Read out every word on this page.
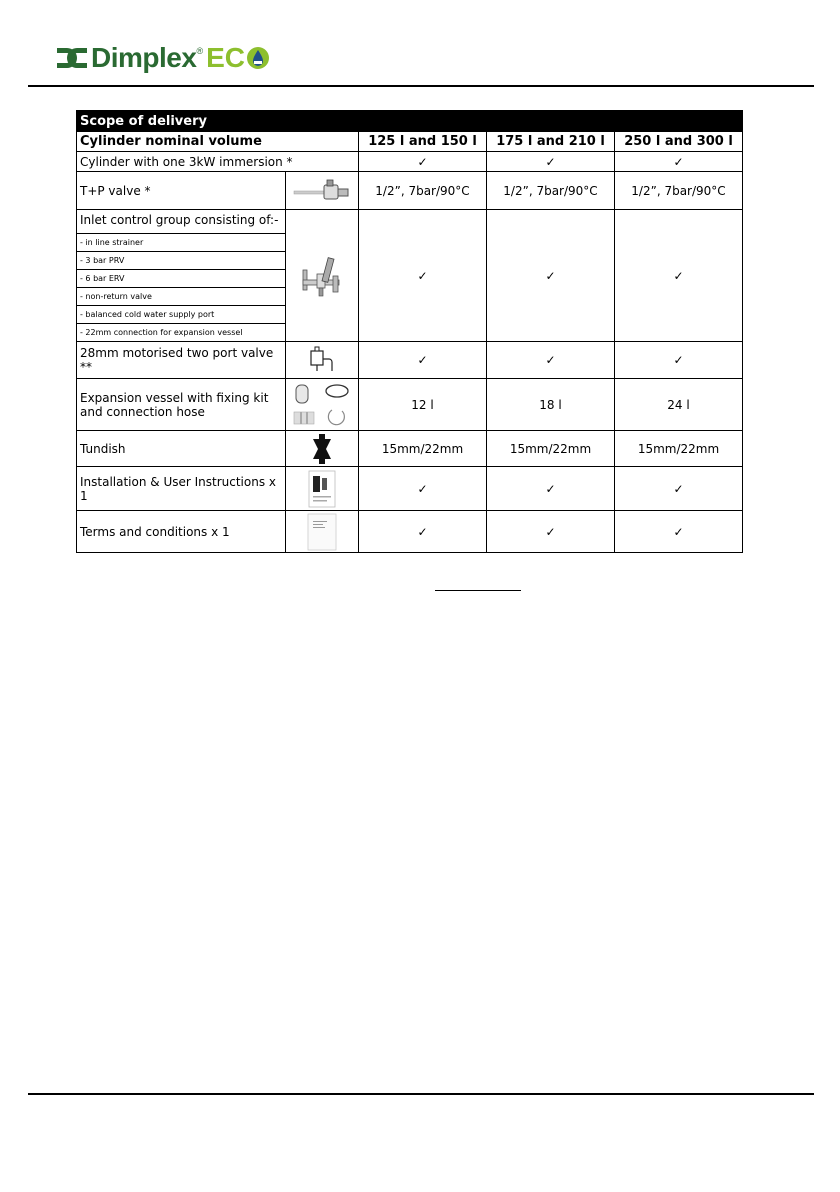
Dimplex ® EC
Scope of delivery				
Cylinder nominal volume		125 l and 150 l	175 l and 210 l	250 l and 300 l
Cylinder with one 3kW immersion *		✓	✓	✓
T+P valve *		1/2”, 7bar/90°C	1/2”, 7bar/90°C	1/2”, 7bar/90°C
Inlet control group consisting of:-		✓	✓	✓
- in line strainer				
- 3 bar PRV				
- 6 bar ERV				
- non-return valve				
- balanced cold water supply port				
- 22mm connection for expansion vessel				
28mm motorised two port valve **		✓	✓	✓
Expansion vessel with fixing kit and connection hose		12 l	18 l	24 l
Tundish		15mm/22mm	15mm/22mm	15mm/22mm
Installation & User Instructions x 1		✓	✓	✓
Terms and conditions x 1		✓	✓	✓
